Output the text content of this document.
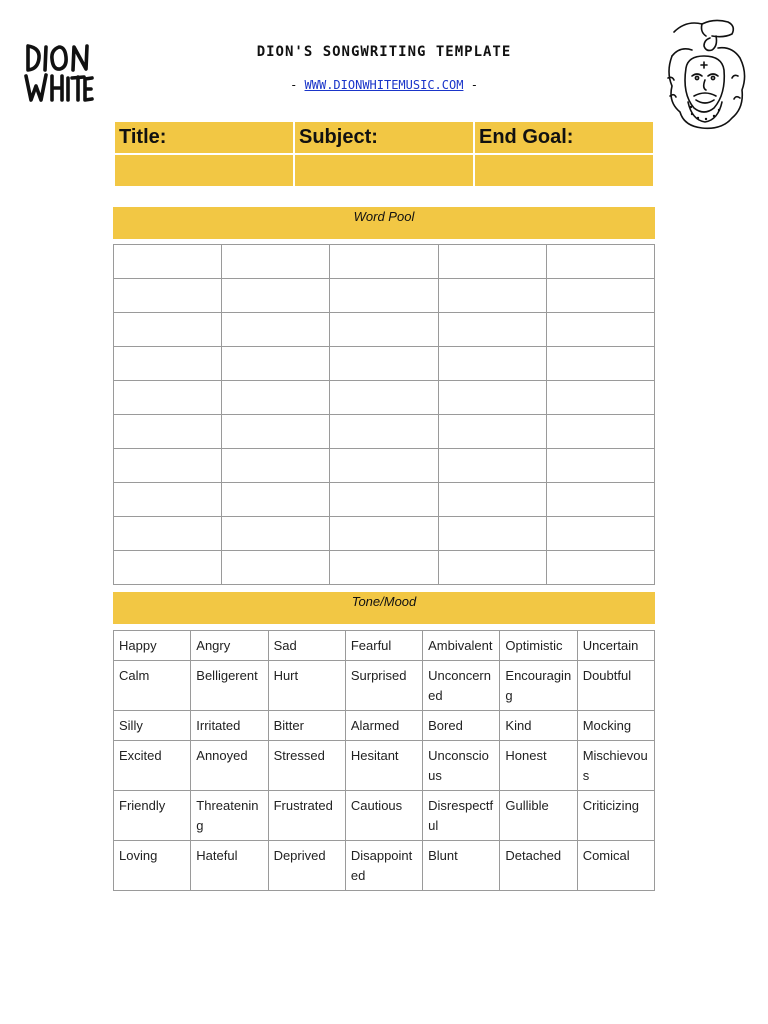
DION'S SONGWRITING TEMPLATE
- WWW.DIONWHITEMUSIC.COM -
Title:	Subject:	End Goal:

Word Pool

Tone/Mood
Happy	Angry	Sad	Fearful	Ambivalent	Optimistic	Uncertain
Calm	Belligerent	Hurt	Surprised	Unconcerned	Encouraging	Doubtful
Silly	Irritated	Bitter	Alarmed	Bored	Kind	Mocking
Excited	Annoyed	Stressed	Hesitant	Unconscious	Honest	Mischievous
Friendly	Threatening	Frustrated	Cautious	Disrespectful	Gullible	Criticizing
Loving	Hateful	Deprived	Disappointed	Blunt	Detached	Comical
